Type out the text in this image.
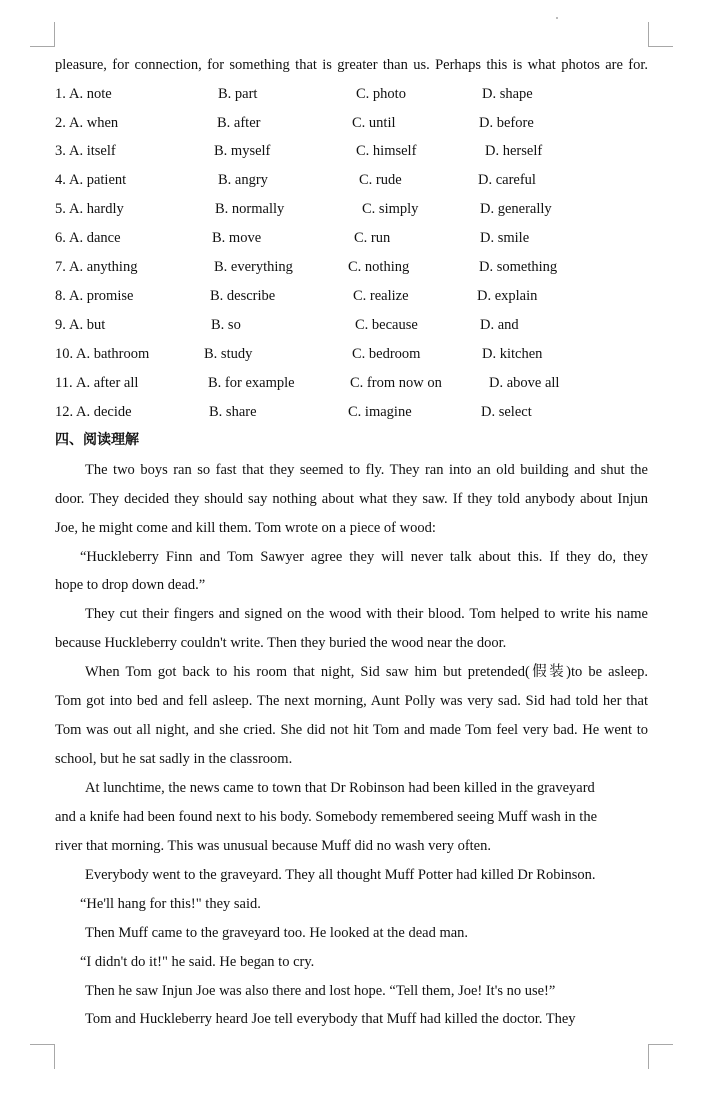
pleasure, for connection, for something that is greater than us. Perhaps this is what photos are for.
1. A. note	B. part	C. photo	D. shape
2. A. when	B. after	C. until	D. before
3. A. itself	B. myself	C. himself	D. herself
4. A. patient	B. angry	C. rude	D. careful
5. A. hardly	B. normally	C. simply	D. generally
6. A. dance	B. move	C. run	D. smile
7. A. anything	B. everything	C. nothing	D. something
8. A. promise	B. describe	C. realize	D. explain
9. A. but	B. so	C. because	D. and
10. A. bathroom	B. study	C. bedroom	D. kitchen
11. A. after all	B. for example	C. from now on	D. above all
12. A. decide	B. share	C. imagine	D. select
四、阅读理解
The two boys ran so fast that they seemed to fly. They ran into an old building and shut the
door. They decided they should say nothing about what they saw. If they told anybody about Injun
Joe, he might come and kill them. Tom wrote on a piece of wood:
“Huckleberry Finn and Tom Sawyer agree they will never talk about this. If they do, they
hope to drop down dead.”
They cut their fingers and signed on the wood with their blood. Tom helped to write his name
because Huckleberry couldn't write. Then they buried the wood near the door.
When Tom got back to his room that night, Sid saw him but pretended(假装)to be asleep.
Tom got into bed and fell asleep. The next morning, Aunt Polly was very sad. Sid had told her that
Tom was out all night, and she cried. She did not hit Tom and made Tom feel very bad. He went to
school, but he sat sadly in the classroom.
At lunchtime, the news came to town that Dr Robinson had been killed in the graveyard
and a knife had been found next to his body. Somebody remembered seeing Muff wash in the
river that morning. This was unusual because Muff did no wash very often.
Everybody went to the graveyard. They all thought Muff Potter had killed Dr Robinson.
“He'll hang for this!" they said.
Then Muff came to the graveyard too. He looked at the dead man.
“I didn't do it!" he said. He began to cry.
Then he saw Injun Joe was also there and lost hope. “Tell them, Joe! It's no use!”
Tom and Huckleberry heard Joe tell everybody that Muff had killed the doctor. They
